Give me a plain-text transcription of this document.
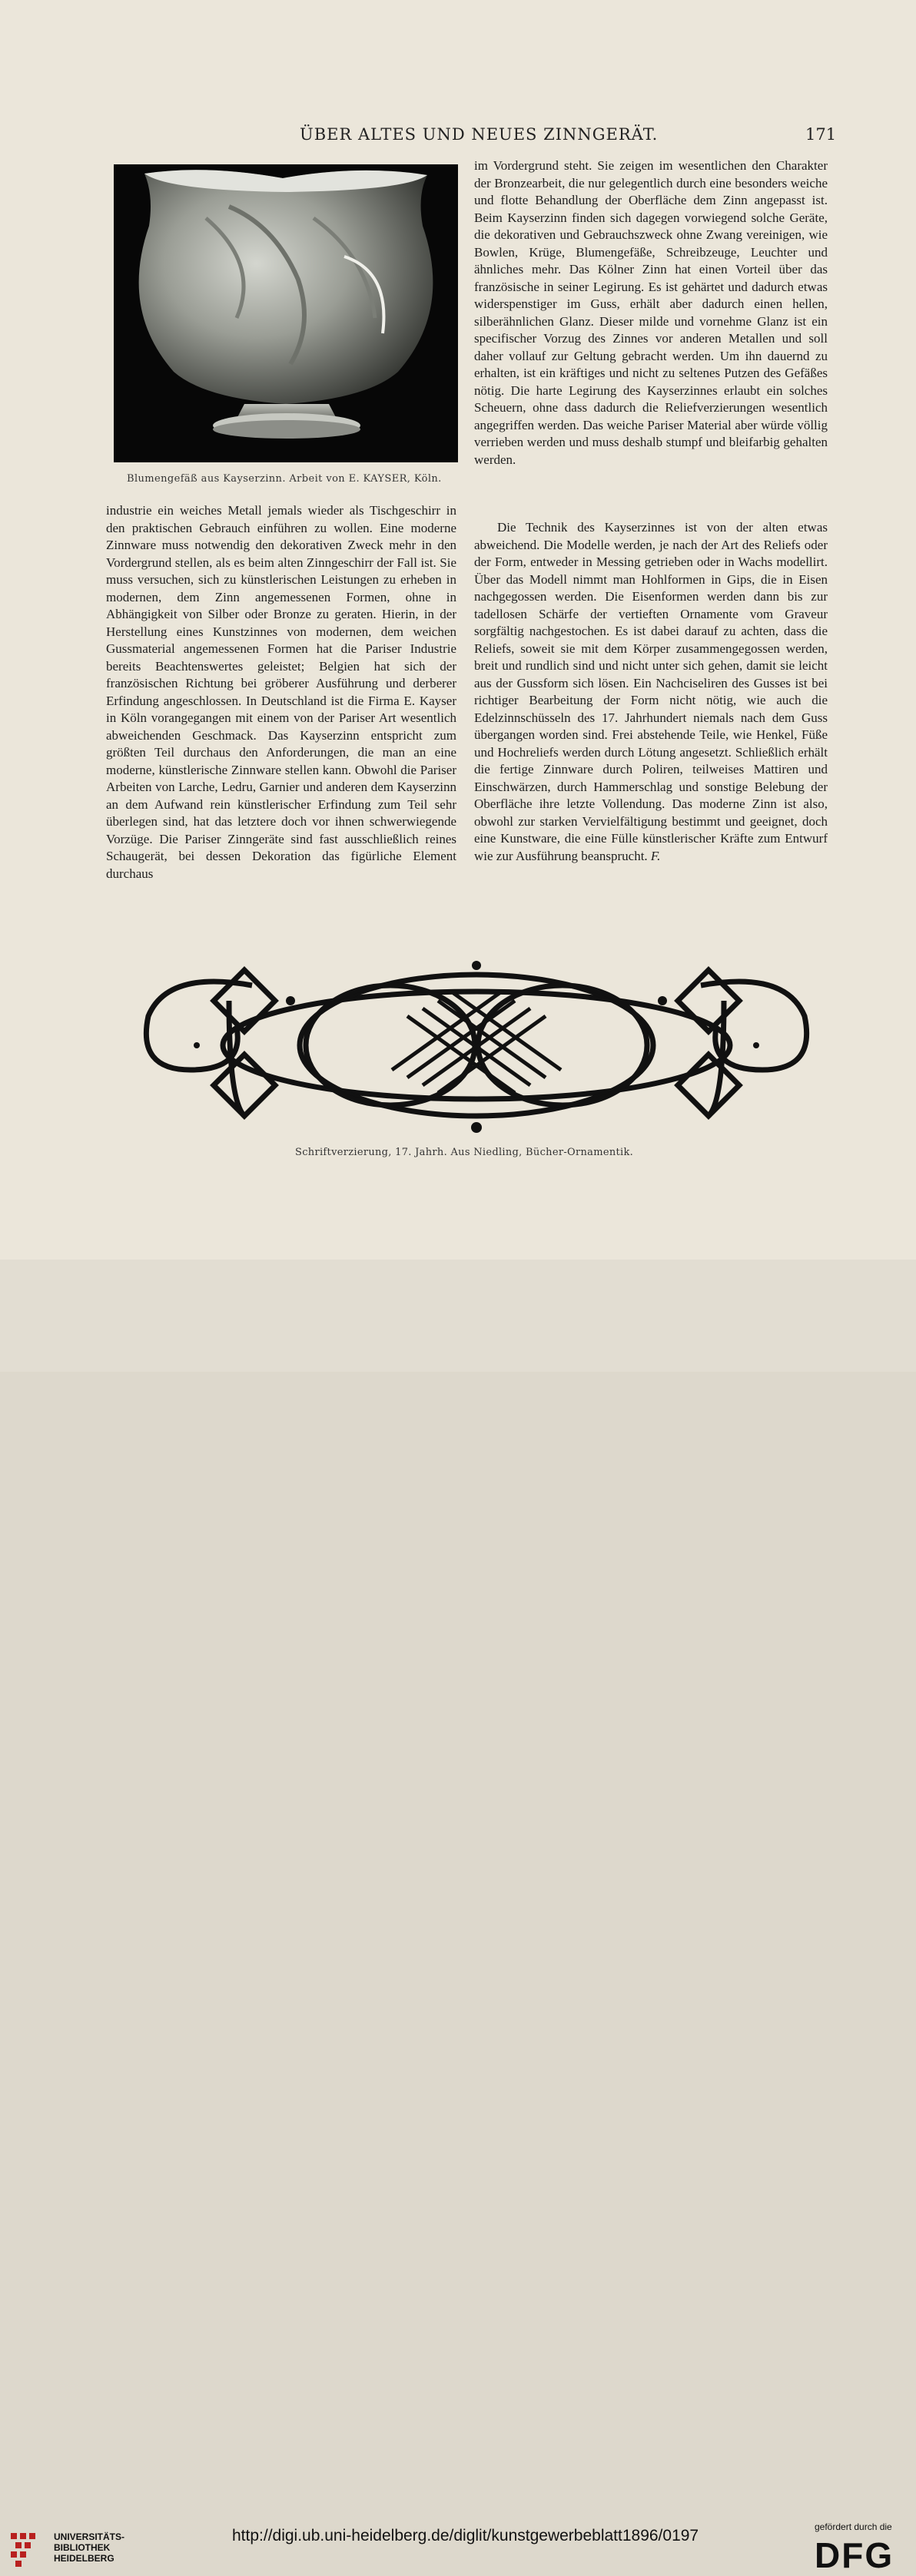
ÜBER ALTES UND NEUES ZINNGERÄT.	171
Blumengefäß aus Kayserzinn. Arbeit von E. KAYSER, Köln.

im Vordergrund steht. Sie zeigen im wesentlichen den Charakter der Bronzearbeit, die nur gelegentlich durch eine besonders weiche und flotte Behandlung der Oberfläche dem Zinn angepasst ist. Beim Kayserzinn finden sich dagegen vorwiegend solche Geräte, die dekorativen und Gebrauchszweck ohne Zwang vereinigen, wie Bowlen, Krüge, Blumengefäße, Schreibzeuge, Leuchter und ähnliches mehr. Das Kölner Zinn hat einen Vorteil über das französische in seiner Legirung. Es ist gehärtet und dadurch etwas widerspenstiger im Guss, erhält aber dadurch einen hellen, silberähnlichen Glanz. Dieser milde und vornehme Glanz ist ein specifischer Vorzug des Zinnes vor anderen Metallen und soll daher vollauf zur Geltung gebracht werden. Um ihn dauernd zu erhalten, ist ein kräftiges und nicht zu seltenes Putzen des Gefäßes nötig. Die harte Legirung des Kayserzinnes erlaubt ein solches Scheuern, ohne dass dadurch die Reliefverzierungen wesentlich angegriffen werden. Das weiche Pariser Material aber würde völlig verrieben werden und muss deshalb stumpf und bleifarbig gehalten werden.

industrie ein weiches Metall jemals wieder als Tischgeschirr in den praktischen Gebrauch einführen zu wollen. Eine moderne Zinnware muss notwendig den dekorativen Zweck mehr in den Vordergrund stellen, als es beim alten Zinngeschirr der Fall ist. Sie muss versuchen, sich zu künstlerischen Leistungen zu erheben in modernen, dem Zinn angemessenen Formen, ohne in Abhängigkeit von Silber oder Bronze zu geraten. Hierin, in der Herstellung eines Kunstzinnes von modernen, dem weichen Gussmaterial angemessenen Formen hat die Pariser Industrie bereits Beachtenswertes geleistet; Belgien hat sich der französischen Richtung bei gröberer Ausführung und derberer Erfindung angeschlossen. In Deutschland ist die Firma E. Kayser in Köln vorangegangen mit einem von der Pariser Art wesentlich abweichenden Geschmack. Das Kayserzinn entspricht zum größten Teil durchaus den Anforderungen, die man an eine moderne, künstlerische Zinnware stellen kann. Obwohl die Pariser Arbeiten von Larche, Ledru, Garnier und anderen dem Kayserzinn an dem Aufwand rein künstlerischer Erfindung zum Teil sehr überlegen sind, hat das letztere doch vor ihnen schwerwiegende Vorzüge. Die Pariser Zinngeräte sind fast ausschließlich reines Schaugerät, bei dessen Dekoration das figürliche Element durchaus

Die Technik des Kayserzinnes ist von der alten etwas abweichend. Die Modelle werden, je nach der Art des Reliefs oder der Form, entweder in Messing getrieben oder in Wachs modellirt. Über das Modell nimmt man Hohlformen in Gips, die in Eisen nachgegossen werden. Die Eisenformen werden dann bis zur tadellosen Schärfe der vertieften Ornamente vom Graveur sorgfältig nachgestochen. Es ist dabei darauf zu achten, dass die Reliefs, soweit sie mit dem Körper zusammengegossen werden, breit und rundlich sind und nicht unter sich gehen, damit sie leicht aus der Gussform sich lösen. Ein Nachciseliren des Gusses ist bei richtiger Bearbeitung der Form nicht nötig, wie auch die Edelzinnschüsseln des 17. Jahrhundert niemals nach dem Guss übergangen worden sind. Frei abstehende Teile, wie Henkel, Füße und Hochreliefs werden durch Lötung angesetzt. Schließlich erhält die fertige Zinnware durch Poliren, teilweises Mattiren und Einschwärzen, durch Hammerschlag und sonstige Belebung der Oberfläche ihre letzte Vollendung. Das moderne Zinn ist also, obwohl zur starken Vervielfältigung bestimmt und geeignet, doch eine Kunstware, die eine Fülle künstlerischer Kräfte zum Entwurf wie zur Ausführung beansprucht. F.

Schriftverzierung, 17. Jahrh. Aus Niedling, Bücher-Ornamentik.
UNIVERSITÄTS-
BIBLIOTHEK
HEIDELBERG
http://digi.ub.uni-heidelberg.de/diglit/kunstgewerbeblatt1896/0197	gefördert durch die
DFG
